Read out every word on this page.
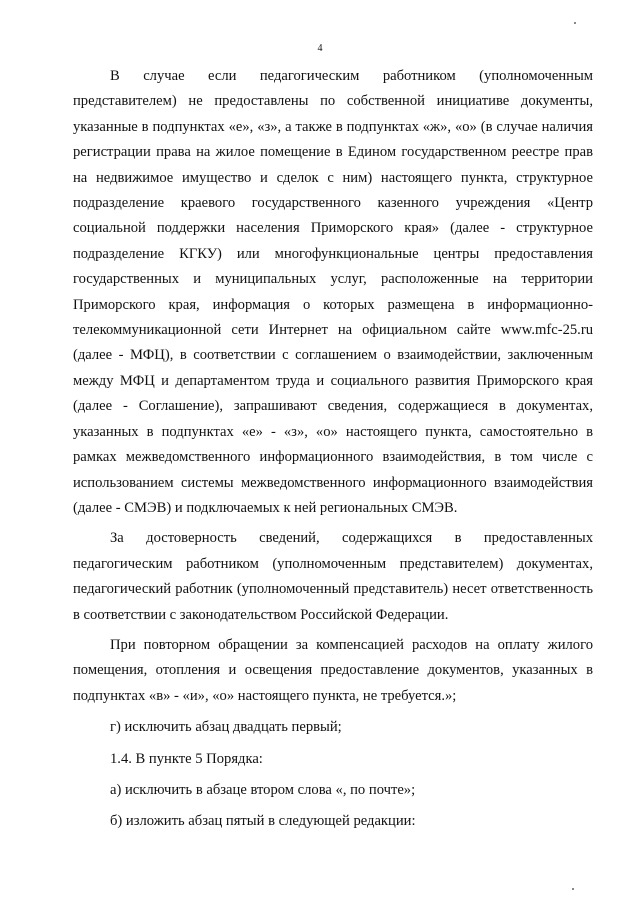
4

В случае если педагогическим работником (уполномоченным представителем) не предоставлены по собственной инициативе документы, указанные в подпунктах «е», «з», а также в подпунктах «ж», «о» (в случае наличия регистрации права на жилое помещение в Едином государственном реестре прав на недвижимое имущество и сделок с ним) настоящего пункта, структурное подразделение краевого государственного казенного учреждения «Центр социальной поддержки населения Приморского края» (далее - структурное подразделение КГКУ) или многофункциональные центры предоставления государственных и муниципальных услуг, расположенные на территории Приморского края, информация о которых размещена в информационно-телекоммуникационной сети Интернет на официальном сайте www.mfc-25.ru (далее - МФЦ), в соответствии с соглашением о взаимодействии, заключенным между МФЦ и департаментом труда и социального развития Приморского края (далее - Соглашение), запрашивают сведения, содержащиеся в документах, указанных в подпунктах «е» - «з», «о» настоящего пункта, самостоятельно в рамках межведомственного информационного взаимодействия, в том числе с использованием системы межведомственного информационного взаимодействия (далее - СМЭВ) и подключаемых к ней региональных СМЭВ.

За достоверность сведений, содержащихся в предоставленных педагогическим работником (уполномоченным представителем) документах, педагогический работник (уполномоченный представитель) несет ответственность в соответствии с законодательством Российской Федерации.

При повторном обращении за компенсацией расходов на оплату жилого помещения, отопления и освещения предоставление документов, указанных в подпунктах «в» - «и», «о» настоящего пункта, не требуется.»;

г) исключить абзац двадцать первый;

1.4. В пункте 5 Порядка:

а) исключить в абзаце втором слова «, по почте»;

б) изложить абзац пятый в следующей редакции:
